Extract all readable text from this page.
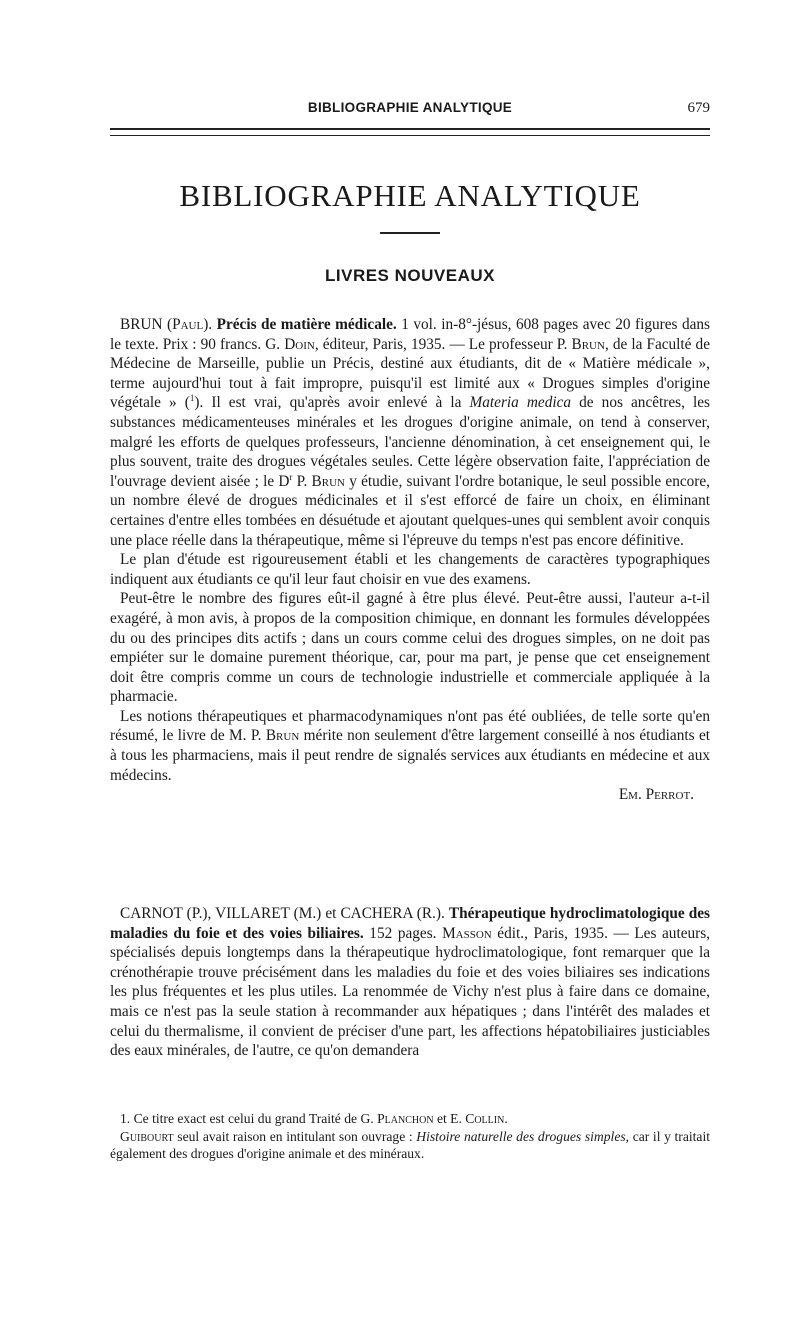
BIBLIOGRAPHIE ANALYTIQUE	679
BIBLIOGRAPHIE ANALYTIQUE
LIVRES NOUVEAUX

BRUN (Paul). Précis de matière médicale. 1 vol. in-8°-jésus, 608 pages avec 20 figures dans le texte. Prix : 90 francs. G. Doin, éditeur, Paris, 1935. — Le professeur P. Brun, de la Faculté de Médecine de Marseille, publie un Précis, destiné aux étudiants, dit de « Matière médicale », terme aujourd'hui tout à fait impropre, puisqu'il est limité aux « Drogues simples d'origine végétale » ($^1$). Il est vrai, qu'après avoir enlevé à la Materia medica de nos ancêtres, les substances médicamenteuses minérales et les drogues d'origine animale, on tend à conserver, malgré les efforts de quelques professeurs, l'ancienne dénomination, à cet enseignement qui, le plus souvent, traite des drogues végétales seules. Cette légère observation faite, l'appréciation de l'ouvrage devient aisée ; le $D^r$ P. Brun y étudie, suivant l'ordre botanique, le seul possible encore, un nombre élevé de drogues médicinales et il s'est efforcé de faire un choix, en éliminant certaines d'entre elles tombées en désuétude et ajoutant quelques-unes qui semblent avoir conquis une place réelle dans la thérapeutique, même si l'épreuve du temps n'est pas encore définitive.

Le plan d'étude est rigoureusement établi et les changements de caractères typographiques indiquent aux étudiants ce qu'il leur faut choisir en vue des examens.

Peut-être le nombre des figures eût-il gagné à être plus élevé. Peut-être aussi, l'auteur a-t-il exagéré, à mon avis, à propos de la composition chimique, en donnant les formules développées du ou des principes dits actifs ; dans un cours comme celui des drogues simples, on ne doit pas empiéter sur le domaine purement théorique, car, pour ma part, je pense que cet enseignement doit être compris comme un cours de technologie industrielle et commerciale appliquée à la pharmacie.

Les notions thérapeutiques et pharmacodynamiques n'ont pas été oubliées, de telle sorte qu'en résumé, le livre de M. P. Brun mérite non seulement d'être largement conseillé à nos étudiants et à tous les pharmaciens, mais il peut rendre de signalés services aux étudiants en médecine et aux médecins.

Em. Perrot.

CARNOT (P.), VILLARET (M.) et CACHERA (R.). Thérapeutique hydroclimatologique des maladies du foie et des voies biliaires. 152 pages. Masson édit., Paris, 1935. — Les auteurs, spécialisés depuis longtemps dans la thérapeutique hydroclimatologique, font remarquer que la crénothérapie trouve précisément dans les maladies du foie et des voies biliaires ses indications les plus fréquentes et les plus utiles. La renommée de Vichy n'est plus à faire dans ce domaine, mais ce n'est pas la seule station à recommander aux hépatiques ; dans l'intérêt des malades et celui du thermalisme, il convient de préciser d'une part, les affections hépatobiliaires justiciables des eaux minérales, de l'autre, ce qu'on demandera

1. Ce titre exact est celui du grand Traité de G. Planchon et E. Collin.

Guibourt seul avait raison en intitulant son ouvrage : Histoire naturelle des drogues simples, car il y traitait également des drogues d'origine animale et des minéraux.
